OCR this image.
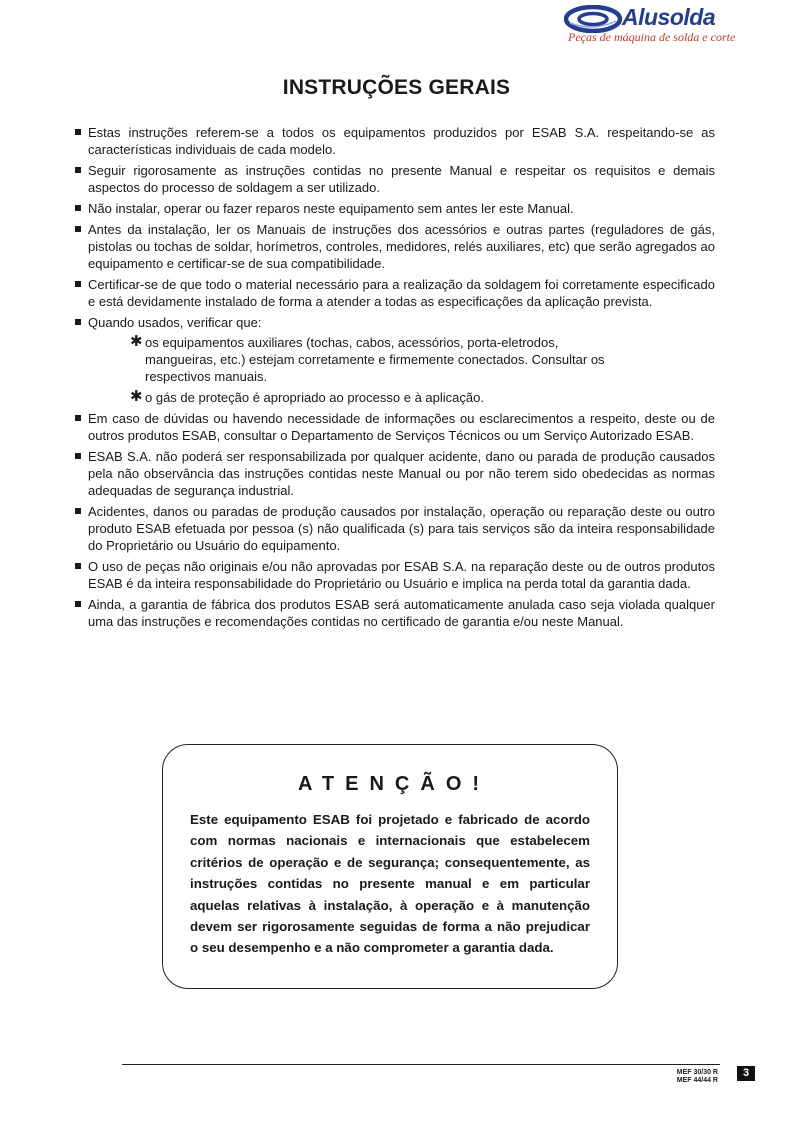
Alusolda
Peças de máquina de solda e corte
INSTRUÇÕES GERAIS
Estas instruções referem-se a todos os equipamentos produzidos por ESAB S.A. respeitando-se as características individuais de cada modelo.
Seguir rigorosamente as instruções contidas no presente Manual e respeitar os requisitos e demais aspectos do processo de soldagem a ser utilizado.
Não instalar, operar ou fazer reparos neste equipamento sem antes ler este Manual.
Antes da instalação, ler os Manuais de instruções dos acessórios e outras partes (reguladores de gás, pistolas ou tochas de soldar, horímetros, controles, medidores, relés auxiliares, etc) que serão agregados ao equipamento e certificar-se de sua compatibilidade.
Certificar-se de que todo o material necessário para a realização da soldagem foi corretamente especificado e está devidamente instalado de forma a atender a todas as especificações da aplicação prevista.
Quando usados, verificar que:
✱ os equipamentos auxiliares (tochas, cabos, acessórios, porta-eletrodos, mangueiras, etc.) estejam corretamente e firmemente conectados. Consultar os respectivos manuais.
✱ o gás de proteção é apropriado ao processo e à aplicação.
Em caso de dúvidas ou havendo necessidade de informações ou esclarecimentos a respeito, deste ou de outros produtos ESAB, consultar o Departamento de Serviços Técnicos ou um Serviço Autorizado ESAB.
ESAB S.A. não poderá ser responsabilizada por qualquer acidente, dano ou parada de produção causados pela não observância das instruções contidas neste Manual ou por não terem sido obedecidas as normas adequadas de segurança industrial.
Acidentes, danos ou paradas de produção causados por instalação, operação ou reparação deste ou outro produto ESAB efetuada por pessoa (s) não qualificada (s) para tais serviços são da inteira responsabilidade do Proprietário ou Usuário do equipamento.
O uso de peças não originais e/ou não aprovadas por ESAB S.A. na reparação deste ou de outros produtos ESAB é da inteira responsabilidade do Proprietário ou Usuário e implica na perda total da garantia dada.
Ainda, a garantia de fábrica dos produtos ESAB será automaticamente anulada caso seja violada qualquer uma das instruções e recomendações contidas no certificado de garantia e/ou neste Manual.
ATENÇÃO!
Este equipamento ESAB foi projetado e fabricado de acordo com normas nacionais e internacionais que estabelecem critérios de operação e de segurança; consequentemente, as instruções contidas no presente manual e em particular aquelas relativas à instalação, à operação e à manutenção devem ser rigorosamente seguidas de forma a não prejudicar o seu desempenho e a não comprometer a garantia dada.
MEF 30/30 R
MEF 44/44 R
3
